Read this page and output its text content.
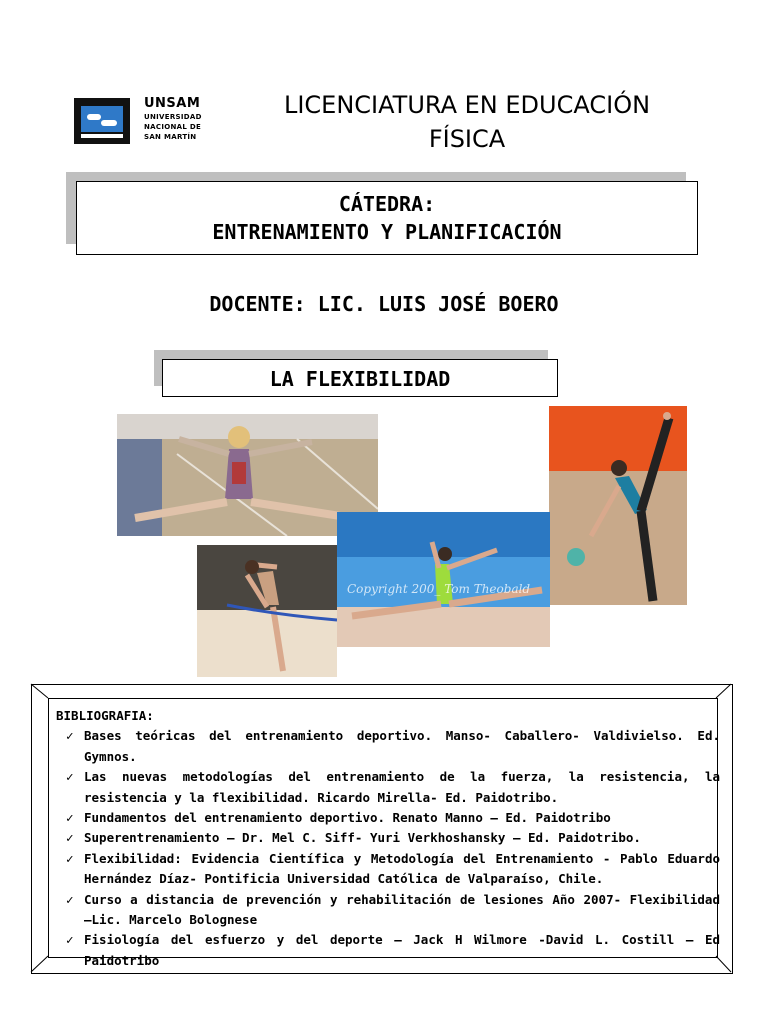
UNSAM
UNIVERSIDAD
NACIONAL DE
SAN MARTÍN
LICENCIATURA EN EDUCACIÓN
FÍSICA
CÁTEDRA:
ENTRENAMIENTO Y PLANIFICACIÓN
DOCENTE: LIC. LUIS JOSÉ BOERO
LA FLEXIBILIDAD
Copyright 200_ Tom Theobald
BIBLIOGRAFIA:
✓ Bases teóricas del entrenamiento deportivo. Manso- Caballero- Valdivielso. Ed. Gymnos.
✓ Las nuevas metodologías del entrenamiento de la fuerza, la resistencia, la resistencia y la flexibilidad. Ricardo Mirella- Ed. Paidotribo.
✓ Fundamentos del entrenamiento deportivo. Renato Manno – Ed. Paidotribo
✓ Superentrenamiento – Dr. Mel C. Siff- Yuri Verkhoshansky – Ed. Paidotribo.
✓ Flexibilidad: Evidencia Científica y Metodología del Entrenamiento - Pablo Eduardo Hernández Díaz- Pontificia Universidad Católica de Valparaíso, Chile.
✓ Curso a distancia de prevención y rehabilitación de lesiones Año 2007- Flexibilidad –Lic. Marcelo Bolognese
✓ Fisiología del esfuerzo y del deporte – Jack H Wilmore -David L. Costill – Ed Paidotribo
